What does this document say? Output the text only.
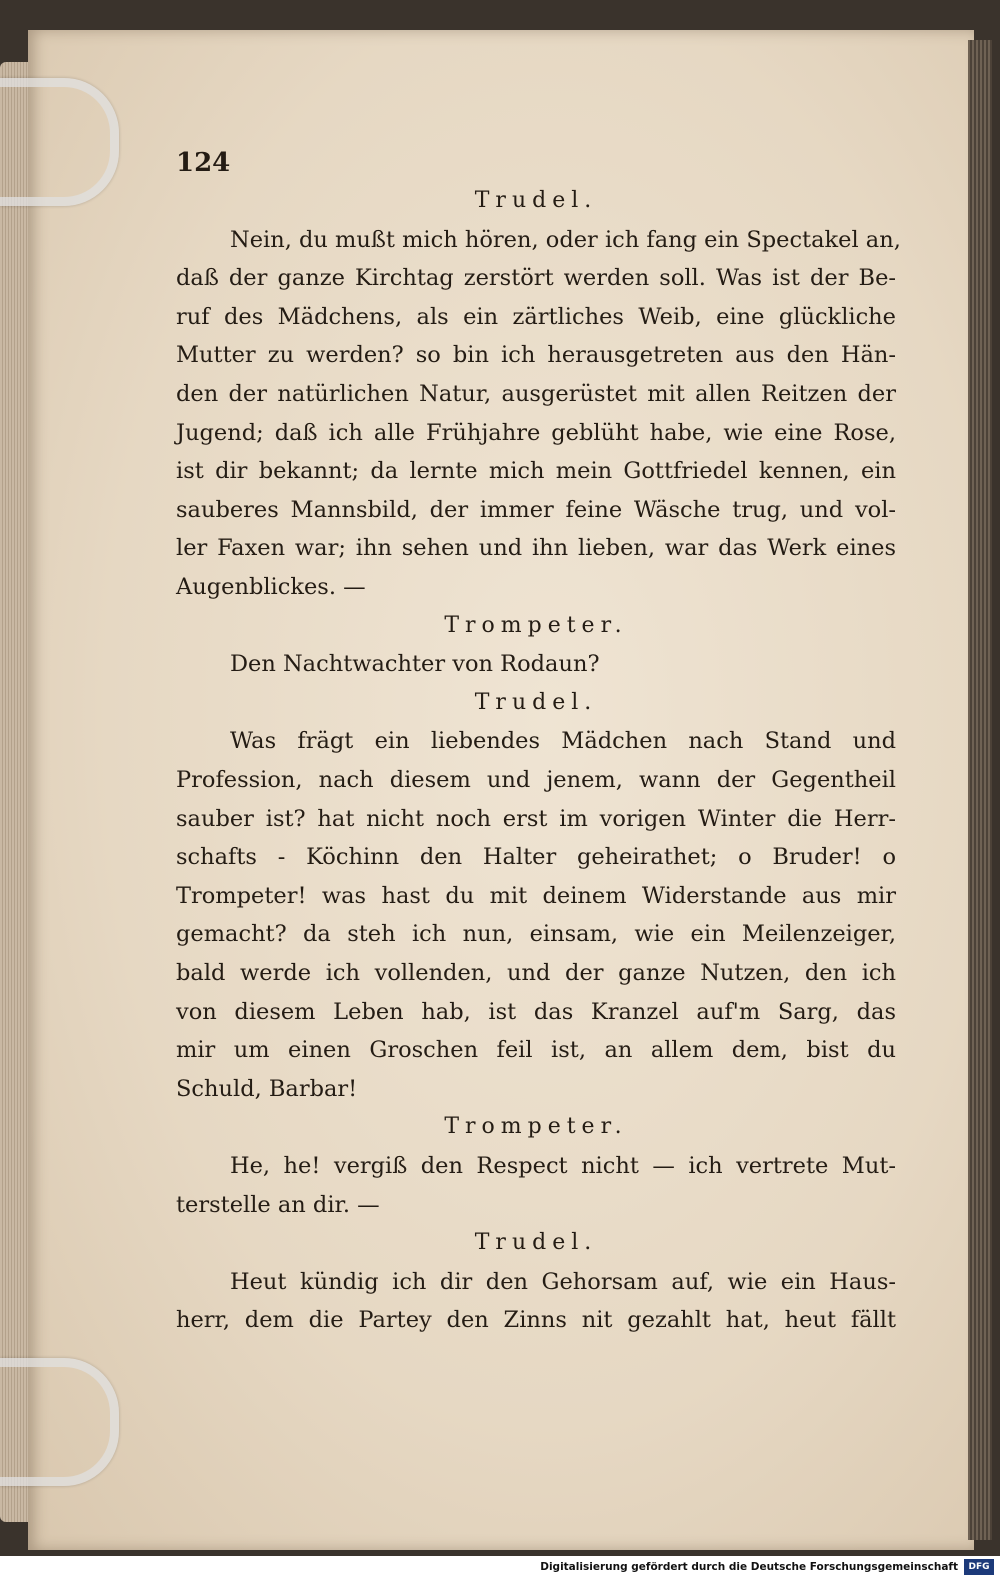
124
Trudel.
Nein, du mußt mich hören, oder ich fang ein Spectakel an,
daß der ganze Kirchtag zerstört werden soll. Was ist der Be-
ruf des Mädchens, als ein zärtliches Weib, eine glückliche
Mutter zu werden? so bin ich herausgetreten aus den Hän-
den der natürlichen Natur, ausgerüstet mit allen Reitzen der
Jugend; daß ich alle Frühjahre geblüht habe, wie eine Rose,
ist dir bekannt; da lernte mich mein Gottfriedel kennen, ein
sauberes Mannsbild, der immer feine Wäsche trug, und vol-
ler Faxen war; ihn sehen und ihn lieben, war das Werk eines
Augenblickes. —
Trompeter.
Den Nachtwachter von Rodaun?
Trudel.
Was frägt ein liebendes Mädchen nach Stand und
Profession, nach diesem und jenem, wann der Gegentheil
sauber ist? hat nicht noch erst im vorigen Winter die Herr-
schafts - Köchinn den Halter geheirathet; o Bruder! o
Trompeter! was hast du mit deinem Widerstande aus mir
gemacht? da steh ich nun, einsam, wie ein Meilenzeiger,
bald werde ich vollenden, und der ganze Nutzen, den ich
von diesem Leben hab, ist das Kranzel auf'm Sarg, das
mir um einen Groschen feil ist, an allem dem, bist du
Schuld, Barbar!
Trompeter.
He, he! vergiß den Respect nicht — ich vertrete Mut-
terstelle an dir. —
Trudel.
Heut kündig ich dir den Gehorsam auf, wie ein Haus-
herr, dem die Partey den Zinns nit gezahlt hat, heut fällt
Digitalisierung gefördert durch die Deutsche Forschungsgemeinschaft	DFG
